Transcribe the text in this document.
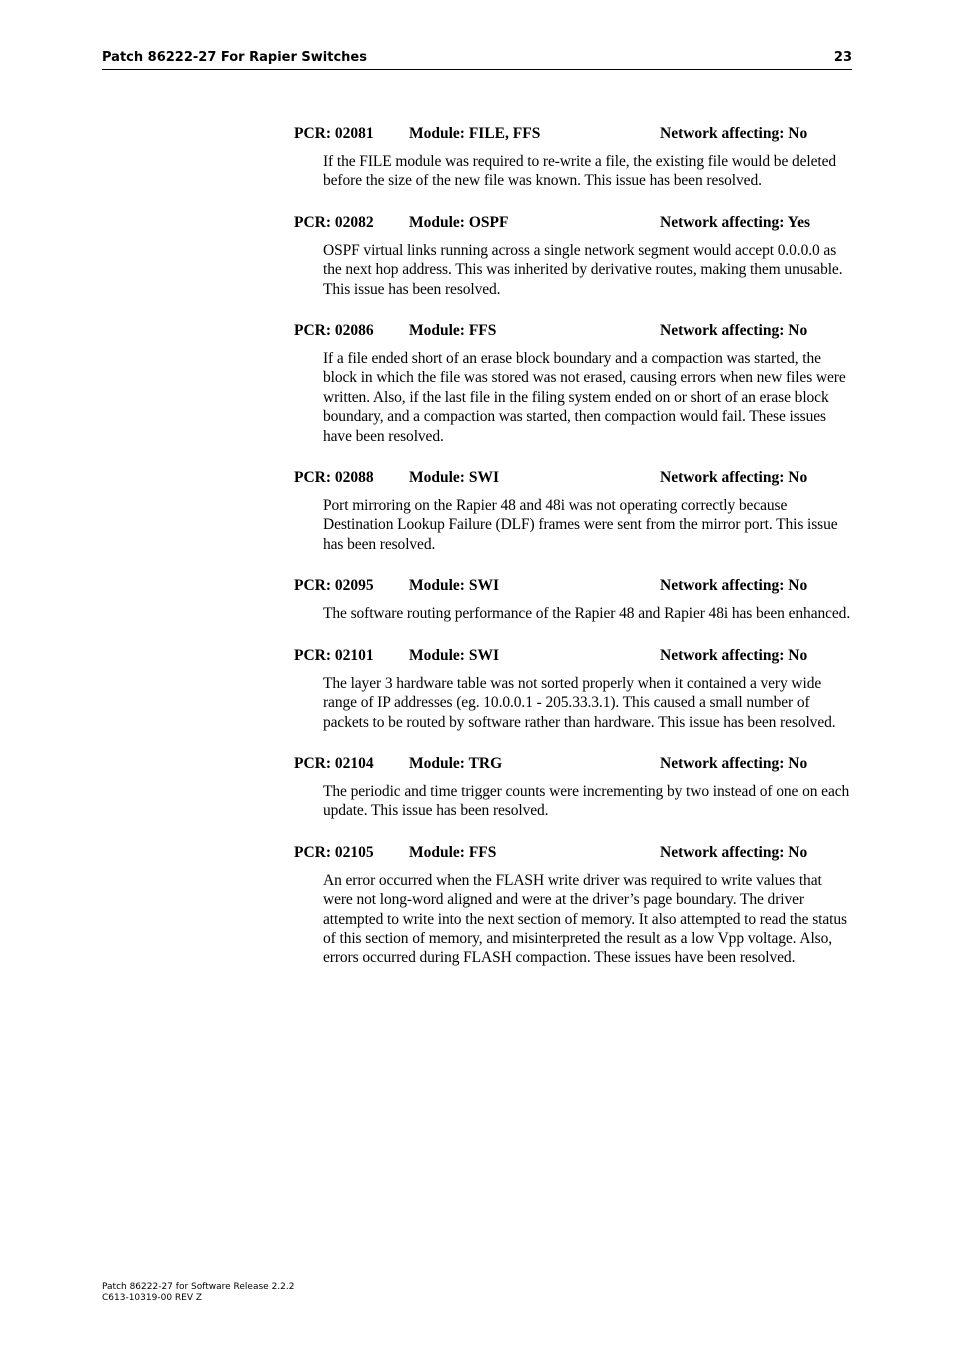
Patch 86222-27 For Rapier Switches	23
PCR: 02081 Module: FILE, FFS	Network affecting: No

If the FILE module was required to re-write a file, the existing file would be deleted before the size of the new file was known. This issue has been resolved.

PCR: 02082 Module: OSPF	Network affecting: Yes

OSPF virtual links running across a single network segment would accept 0.0.0.0 as the next hop address. This was inherited by derivative routes, making them unusable. This issue has been resolved.

PCR: 02086 Module: FFS	Network affecting: No

If a file ended short of an erase block boundary and a compaction was started, the block in which the file was stored was not erased, causing errors when new files were written. Also, if the last file in the filing system ended on or short of an erase block boundary, and a compaction was started, then compaction would fail. These issues have been resolved.

PCR: 02088 Module: SWI	Network affecting: No

Port mirroring on the Rapier 48 and 48i was not operating correctly because Destination Lookup Failure (DLF) frames were sent from the mirror port. This issue has been resolved.

PCR: 02095 Module: SWI	Network affecting: No

The software routing performance of the Rapier 48 and Rapier 48i has been enhanced.

PCR: 02101 Module: SWI	Network affecting: No

The layer 3 hardware table was not sorted properly when it contained a very wide range of IP addresses (eg. 10.0.0.1 - 205.33.3.1). This caused a small number of packets to be routed by software rather than hardware. This issue has been resolved.

PCR: 02104 Module: TRG	Network affecting: No

The periodic and time trigger counts were incrementing by two instead of one on each update. This issue has been resolved.

PCR: 02105 Module: FFS	Network affecting: No

An error occurred when the FLASH write driver was required to write values that were not long-word aligned and were at the driver’s page boundary. The driver attempted to write into the next section of memory. It also attempted to read the status of this section of memory, and misinterpreted the result as a low Vpp voltage. Also, errors occurred during FLASH compaction. These issues have been resolved.

Patch 86222-27 for Software Release 2.2.2
C613-10319-00 REV Z
